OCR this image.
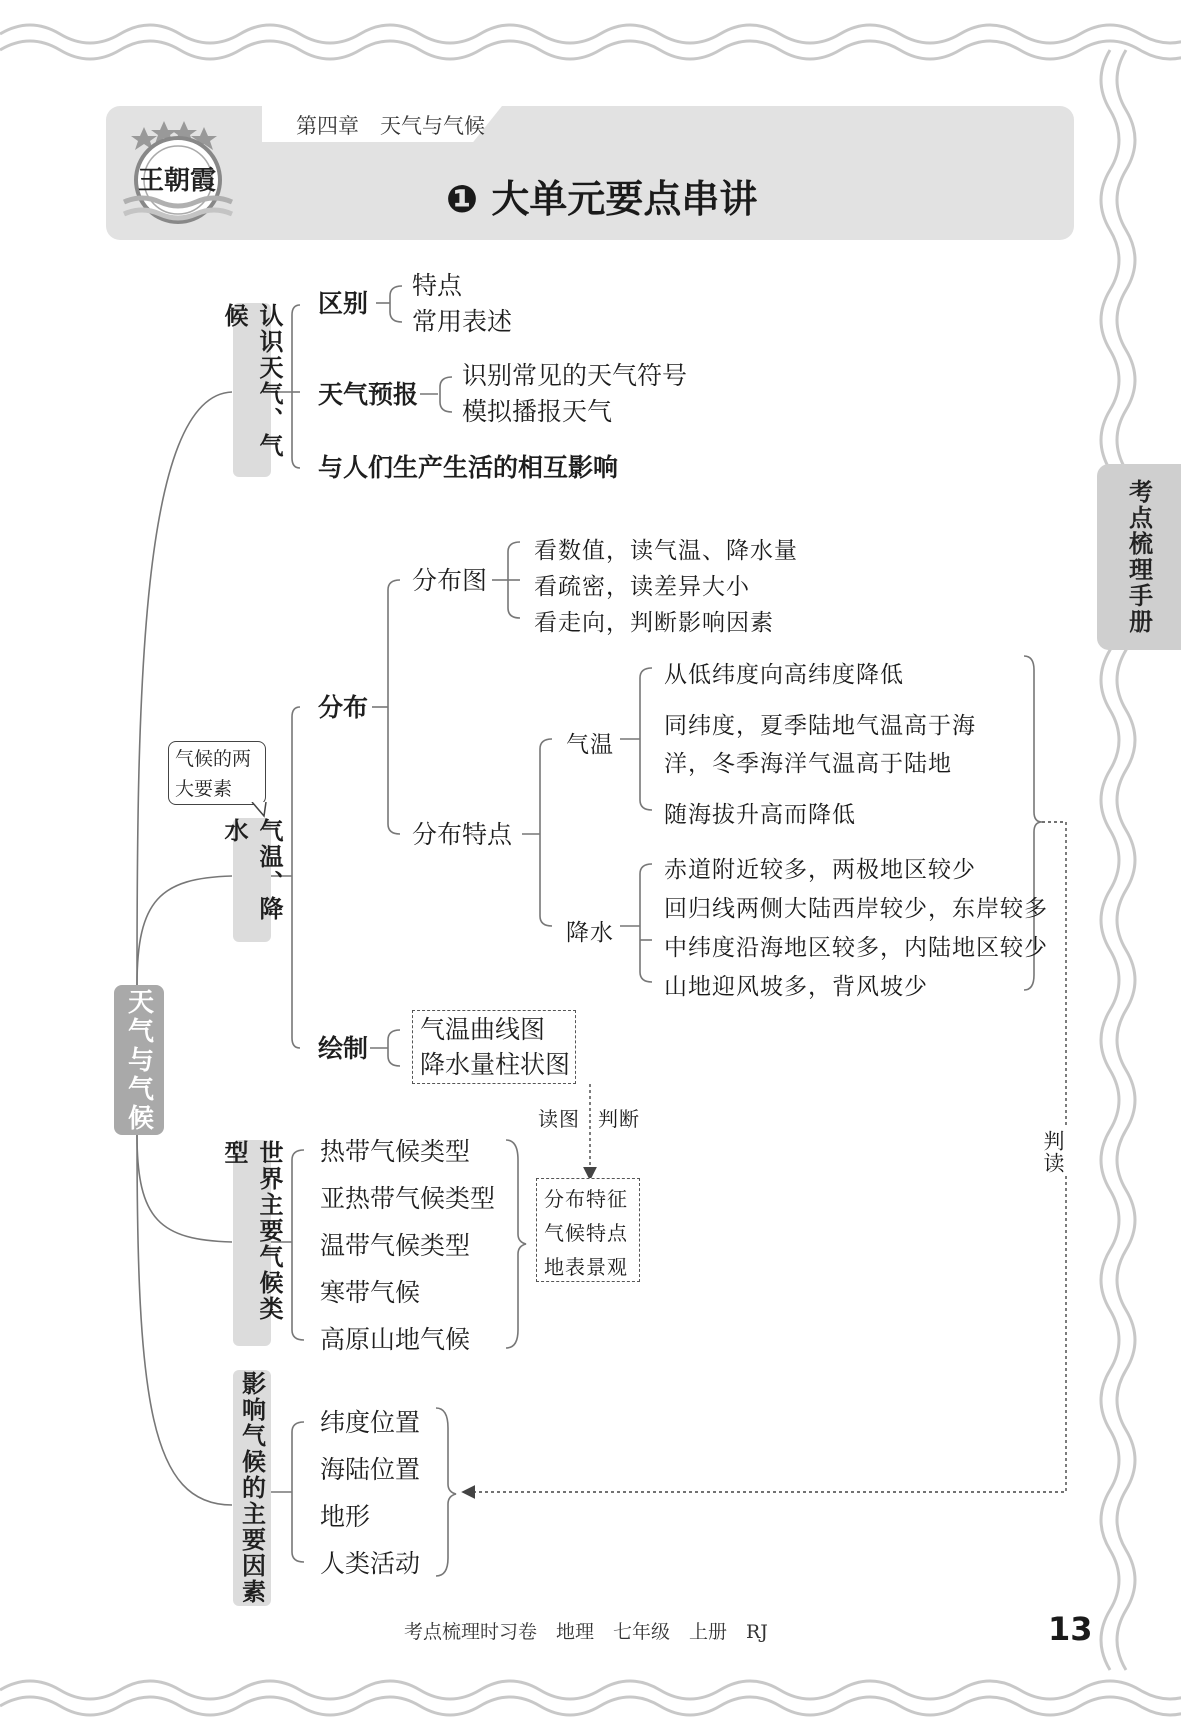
第四章　天气与气候
❶ 大单元要点串讲
王朝霞
考点梳理手册
天气与气候
认识天气、气候	区别
特点
常用表述
天气预报
识别常见的天气符号
模拟播报天气
与人们生产生活的相互影响
气候的两大要素
气温、降水
分布
分布图
看数值，读气温、降水量
看疏密，读差异大小
看走向，判断影响因素
分布特点
气温
从低纬度向高纬度降低
同纬度，夏季陆地气温高于海
洋，冬季海洋气温高于陆地
随海拔升高而降低
降水
赤道附近较多，两极地区较少
回归线两侧大陆西岸较少，东岸较多
中纬度沿海地区较多，内陆地区较少
山地迎风坡多，背风坡少
绘制
气温曲线图
降水量柱状图
读图 判断
世界主要气候类型	热带气候类型
亚热带气候类型
温带气候类型
寒带气候
高原山地气候
分布特征
气候特点
地表景观
影响气候的主要因素 纬度位置
海陆位置
地形
人类活动
判读
考点梳理时习卷　地理　七年级　上册　RJ	13
